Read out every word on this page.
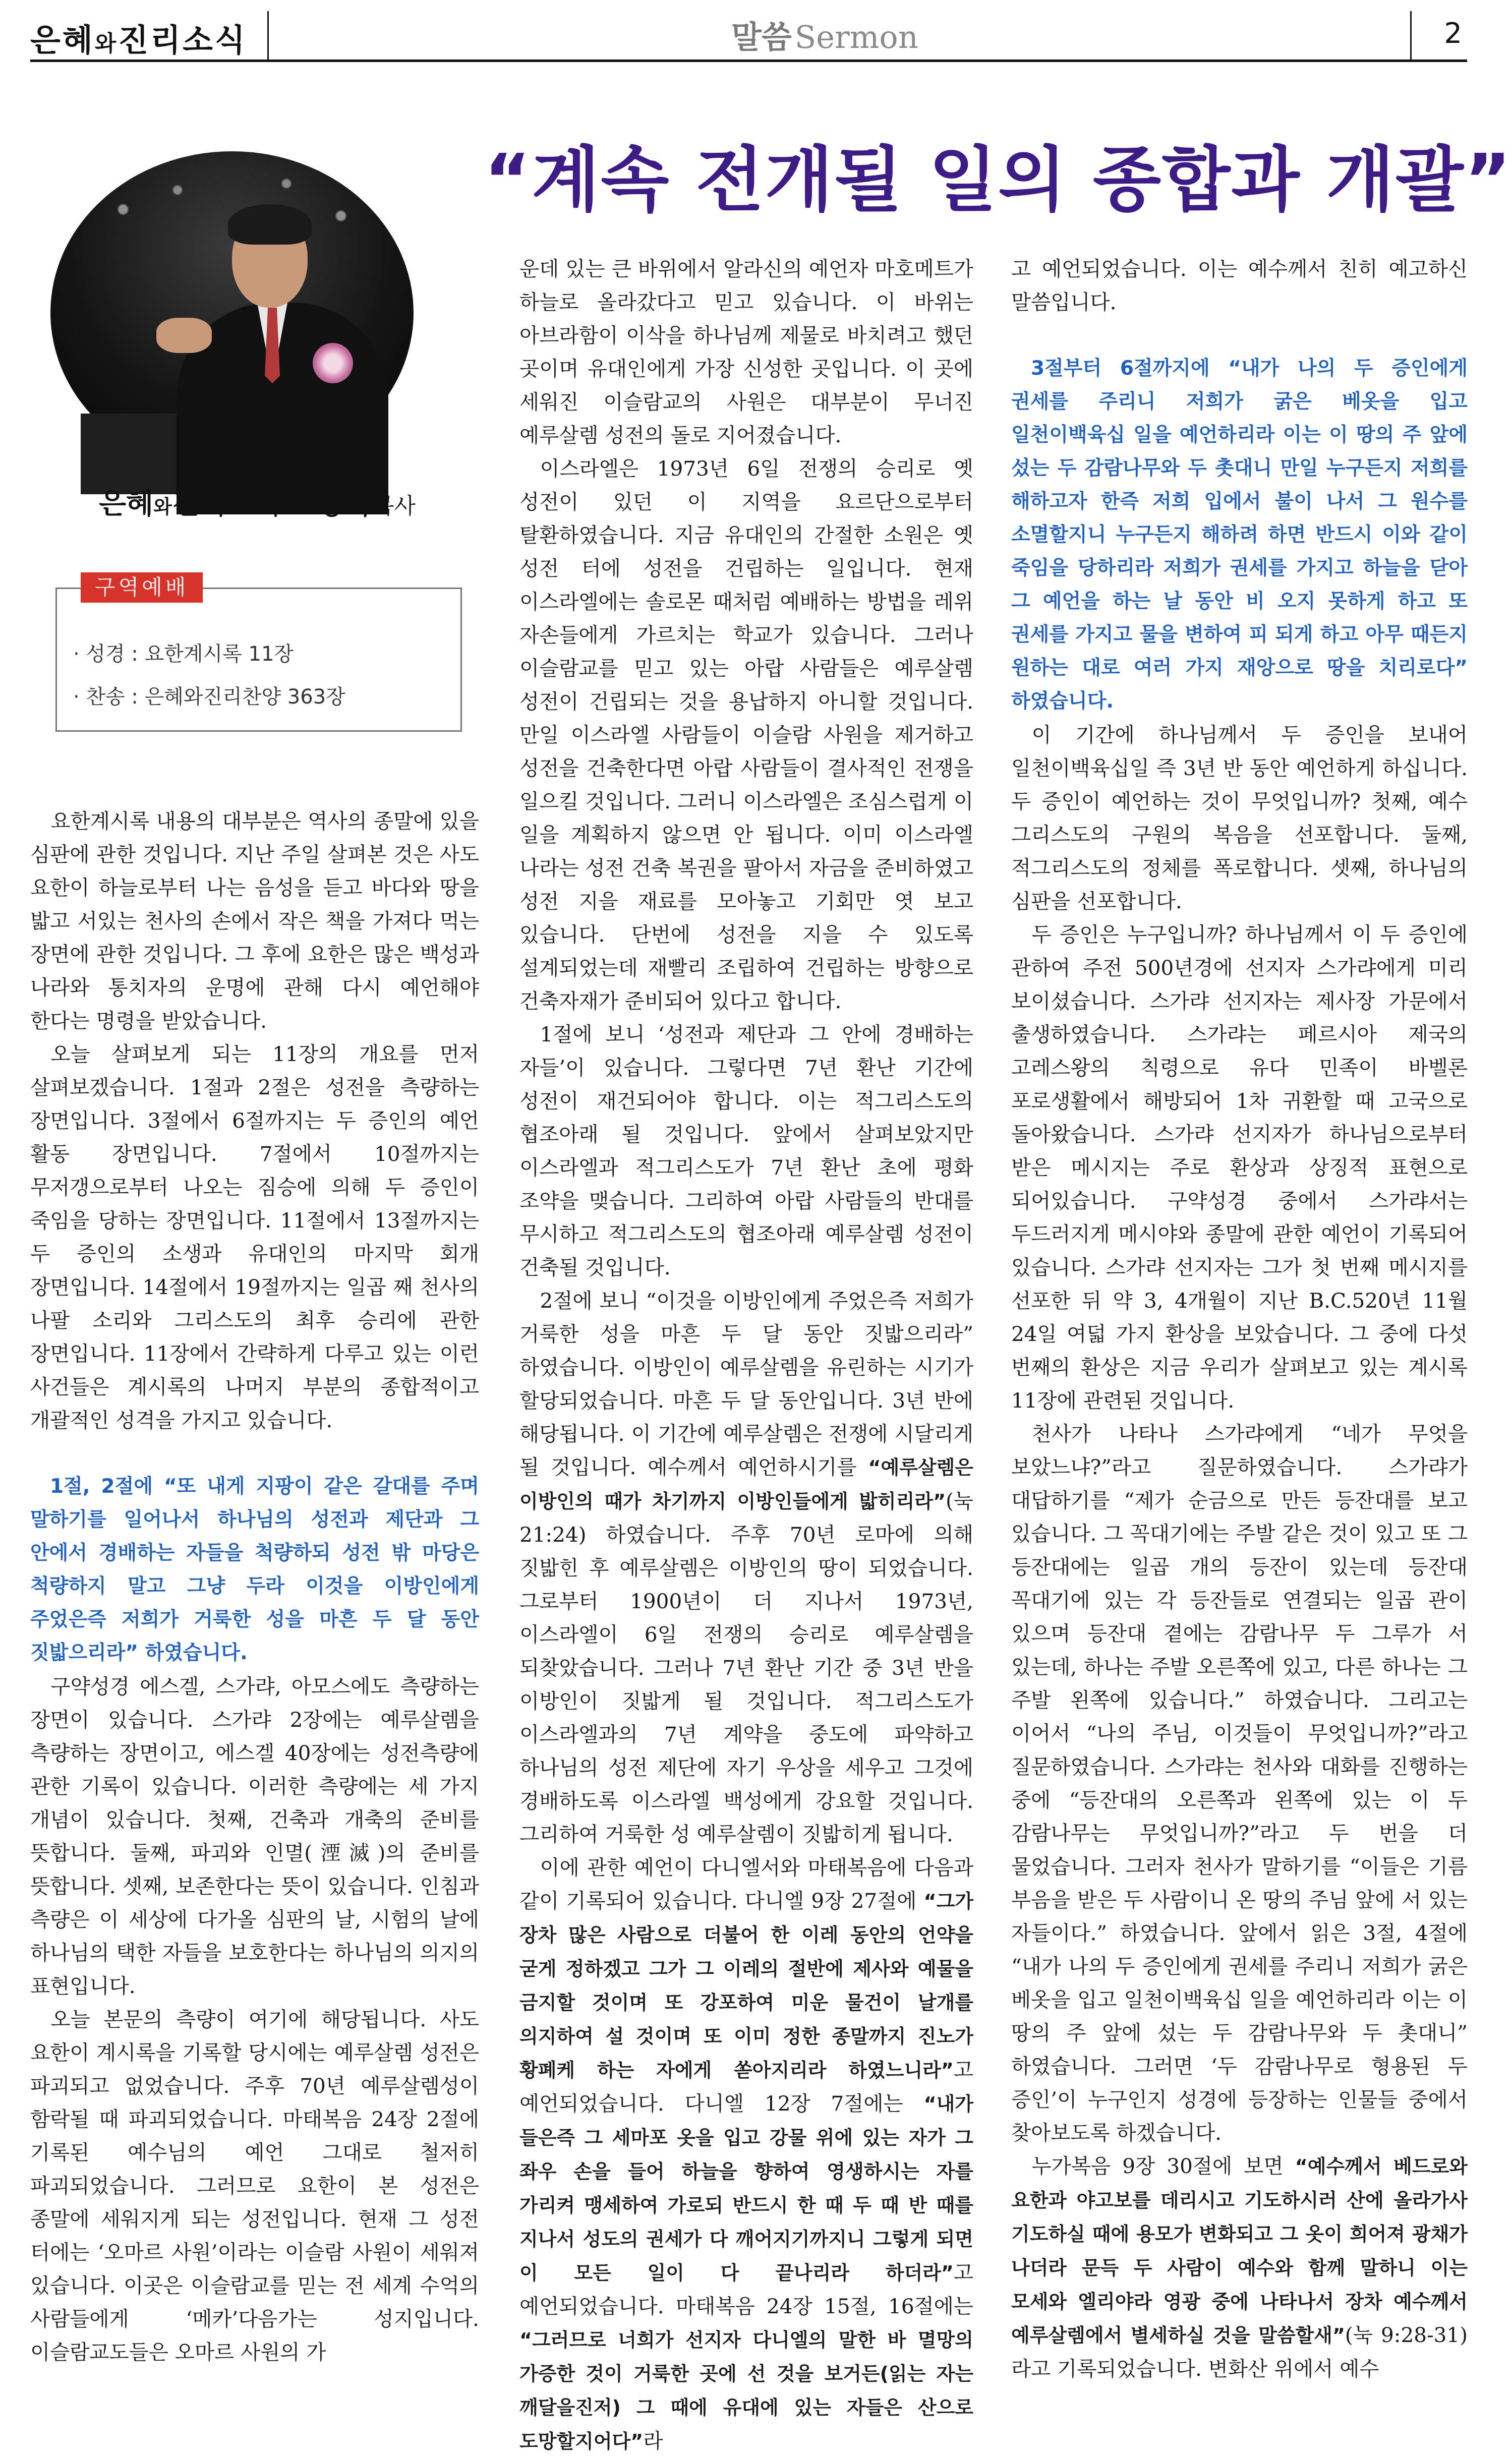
은혜와진리소식	말씀Sermon	2
“계속 전개될 일의 종합과 개괄”
은혜와진리교회 조용목목사
구역예배
· 성경 : 요한계시록 11장
· 찬송 : 은혜와진리찬양 363장

요한계시록 내용의 대부분은 역사의 종말에 있을 심판에 관한 것입니다. 지난 주일 살펴본 것은 사도 요한이 하늘로부터 나는 음성을 듣고 바다와 땅을 밟고 서있는 천사의 손에서 작은 책을 가져다 먹는 장면에 관한 것입니다. 그 후에 요한은 많은 백성과 나라와 통치자의 운명에 관해 다시 예언해야 한다는 명령을 받았습니다.

오늘 살펴보게 되는 11장의 개요를 먼저 살펴보겠습니다. 1절과 2절은 성전을 측량하는 장면입니다. 3절에서 6절까지는 두 증인의 예언 활동 장면입니다. 7절에서 10절까지는 무저갱으로부터 나오는 짐승에 의해 두 증인이 죽임을 당하는 장면입니다. 11절에서 13절까지는 두 증인의 소생과 유대인의 마지막 회개 장면입니다. 14절에서 19절까지는 일곱 째 천사의 나팔 소리와 그리스도의 최후 승리에 관한 장면입니다. 11장에서 간략하게 다루고 있는 이런 사건들은 계시록의 나머지 부분의 종합적이고 개괄적인 성격을 가지고 있습니다.

1절, 2절에 “또 내게 지팡이 같은 갈대를 주며 말하기를 일어나서 하나님의 성전과 제단과 그 안에서 경배하는 자들을 척량하되 성전 밖 마당은 척량하지 말고 그냥 두라 이것을 이방인에게 주었은즉 저희가 거룩한 성을 마흔 두 달 동안 짓밟으리라” 하였습니다.

구약성경 에스겔, 스가랴, 아모스에도 측량하는 장면이 있습니다. 스가랴 2장에는 예루살렘을 측량하는 장면이고, 에스겔 40장에는 성전측량에 관한 기록이 있습니다. 이러한 측량에는 세 가지 개념이 있습니다. 첫째, 건축과 개축의 준비를 뜻합니다. 둘째, 파괴와 인멸(湮滅)의 준비를 뜻합니다. 셋째, 보존한다는 뜻이 있습니다. 인침과 측량은 이 세상에 다가올 심판의 날, 시험의 날에 하나님의 택한 자들을 보호한다는 하나님의 의지의 표현입니다.

오늘 본문의 측량이 여기에 해당됩니다. 사도 요한이 계시록을 기록할 당시에는 예루살렘 성전은 파괴되고 없었습니다. 주후 70년 예루살렘성이 함락될 때 파괴되었습니다. 마태복음 24장 2절에 기록된 예수님의 예언 그대로 철저히 파괴되었습니다. 그러므로 요한이 본 성전은 종말에 세워지게 되는 성전입니다. 현재 그 성전 터에는 ‘오마르 사원’이라는 이슬람 사원이 세워져 있습니다. 이곳은 이슬람교를 믿는 전 세계 수억의 사람들에게 ‘메카’다음가는 성지입니다. 이슬람교도들은 오마르 사원의 가

운데 있는 큰 바위에서 알라신의 예언자 마호메트가 하늘로 올라갔다고 믿고 있습니다. 이 바위는 아브라함이 이삭을 하나님께 제물로 바치려고 했던 곳이며 유대인에게 가장 신성한 곳입니다. 이 곳에 세워진 이슬람교의 사원은 대부분이 무너진 예루살렘 성전의 돌로 지어졌습니다.

이스라엘은 1973년 6일 전쟁의 승리로 옛 성전이 있던 이 지역을 요르단으로부터 탈환하였습니다. 지금 유대인의 간절한 소원은 옛 성전 터에 성전을 건립하는 일입니다. 현재 이스라엘에는 솔로몬 때처럼 예배하는 방법을 레위 자손들에게 가르치는 학교가 있습니다. 그러나 이슬람교를 믿고 있는 아랍 사람들은 예루살렘 성전이 건립되는 것을 용납하지 아니할 것입니다. 만일 이스라엘 사람들이 이슬람 사원을 제거하고 성전을 건축한다면 아랍 사람들이 결사적인 전쟁을 일으킬 것입니다. 그러니 이스라엘은 조심스럽게 이 일을 계획하지 않으면 안 됩니다. 이미 이스라엘 나라는 성전 건축 복권을 팔아서 자금을 준비하였고 성전 지을 재료를 모아놓고 기회만 엿 보고 있습니다. 단번에 성전을 지을 수 있도록 설계되었는데 재빨리 조립하여 건립하는 방향으로 건축자재가 준비되어 있다고 합니다.

1절에 보니 ‘성전과 제단과 그 안에 경배하는 자들’이 있습니다. 그렇다면 7년 환난 기간에 성전이 재건되어야 합니다. 이는 적그리스도의 협조아래 될 것입니다. 앞에서 살펴보았지만 이스라엘과 적그리스도가 7년 환난 초에 평화 조약을 맺습니다. 그리하여 아랍 사람들의 반대를 무시하고 적그리스도의 협조아래 예루살렘 성전이 건축될 것입니다.

2절에 보니 “이것을 이방인에게 주었은즉 저희가 거룩한 성을 마흔 두 달 동안 짓밟으리라” 하였습니다. 이방인이 예루살렘을 유린하는 시기가 할당되었습니다. 마흔 두 달 동안입니다. 3년 반에 해당됩니다. 이 기간에 예루살렘은 전쟁에 시달리게 될 것입니다. 예수께서 예언하시기를 “예루살렘은 이방인의 때가 차기까지 이방인들에게 밟히리라”(눅 21:24) 하였습니다. 주후 70년 로마에 의해 짓밟힌 후 예루살렘은 이방인의 땅이 되었습니다. 그로부터 1900년이 더 지나서 1973년, 이스라엘이 6일 전쟁의 승리로 예루살렘을 되찾았습니다. 그러나 7년 환난 기간 중 3년 반을 이방인이 짓밟게 될 것입니다. 적그리스도가 이스라엘과의 7년 계약을 중도에 파약하고 하나님의 성전 제단에 자기 우상을 세우고 그것에 경배하도록 이스라엘 백성에게 강요할 것입니다. 그리하여 거룩한 성 예루살렘이 짓밟히게 됩니다.

이에 관한 예언이 다니엘서와 마태복음에 다음과 같이 기록되어 있습니다. 다니엘 9장 27절에 “그가 장차 많은 사람으로 더불어 한 이레 동안의 언약을 굳게 정하겠고 그가 그 이레의 절반에 제사와 예물을 금지할 것이며 또 강포하여 미운 물건이 날개를 의지하여 설 것이며 또 이미 정한 종말까지 진노가 황폐케 하는 자에게 쏟아지리라 하였느니라”고 예언되었습니다. 다니엘 12장 7절에는 “내가 들은즉 그 세마포 옷을 입고 강물 위에 있는 자가 그 좌우 손을 들어 하늘을 향하여 영생하시는 자를 가리켜 맹세하여 가로되 반드시 한 때 두 때 반 때를 지나서 성도의 권세가 다 깨어지기까지니 그렇게 되면 이 모든 일이 다 끝나리라 하더라”고 예언되었습니다. 마태복음 24장 15절, 16절에는 “그러므로 너희가 선지자 다니엘의 말한 바 멸망의 가증한 것이 거룩한 곳에 선 것을 보거든(읽는 자는 깨달을진저) 그 때에 유대에 있는 자들은 산으로 도망할지어다”라

고 예언되었습니다. 이는 예수께서 친히 예고하신 말씀입니다.

3절부터 6절까지에 “내가 나의 두 증인에게 권세를 주리니 저희가 굵은 베옷을 입고 일천이백육십 일을 예언하리라 이는 이 땅의 주 앞에 섰는 두 감람나무와 두 촛대니 만일 누구든지 저희를 해하고자 한즉 저희 입에서 불이 나서 그 원수를 소멸할지니 누구든지 해하려 하면 반드시 이와 같이 죽임을 당하리라 저희가 권세를 가지고 하늘을 닫아 그 예언을 하는 날 동안 비 오지 못하게 하고 또 권세를 가지고 물을 변하여 피 되게 하고 아무 때든지 원하는 대로 여러 가지 재앙으로 땅을 치리로다” 하였습니다.

이 기간에 하나님께서 두 증인을 보내어 일천이백육십일 즉 3년 반 동안 예언하게 하십니다. 두 증인이 예언하는 것이 무엇입니까? 첫째, 예수 그리스도의 구원의 복음을 선포합니다. 둘째, 적그리스도의 정체를 폭로합니다. 셋째, 하나님의 심판을 선포합니다.

두 증인은 누구입니까? 하나님께서 이 두 증인에 관하여 주전 500년경에 선지자 스가랴에게 미리 보이셨습니다. 스가랴 선지자는 제사장 가문에서 출생하였습니다. 스가랴는 페르시아 제국의 고레스왕의 칙령으로 유다 민족이 바벨론 포로생활에서 해방되어 1차 귀환할 때 고국으로 돌아왔습니다. 스가랴 선지자가 하나님으로부터 받은 메시지는 주로 환상과 상징적 표현으로 되어있습니다. 구약성경 중에서 스가랴서는 두드러지게 메시야와 종말에 관한 예언이 기록되어 있습니다. 스가랴 선지자는 그가 첫 번째 메시지를 선포한 뒤 약 3, 4개월이 지난 B.C.520년 11월 24일 여덟 가지 환상을 보았습니다. 그 중에 다섯 번째의 환상은 지금 우리가 살펴보고 있는 계시록 11장에 관련된 것입니다.

천사가 나타나 스가랴에게 “네가 무엇을 보았느냐?”라고 질문하였습니다. 스가랴가 대답하기를 “제가 순금으로 만든 등잔대를 보고 있습니다. 그 꼭대기에는 주발 같은 것이 있고 또 그 등잔대에는 일곱 개의 등잔이 있는데 등잔대 꼭대기에 있는 각 등잔들로 연결되는 일곱 관이 있으며 등잔대 곁에는 감람나무 두 그루가 서 있는데, 하나는 주발 오른쪽에 있고, 다른 하나는 그 주발 왼쪽에 있습니다.” 하였습니다. 그리고는 이어서 “나의 주님, 이것들이 무엇입니까?”라고 질문하였습니다. 스가랴는 천사와 대화를 진행하는 중에 “등잔대의 오른쪽과 왼쪽에 있는 이 두 감람나무는 무엇입니까?”라고 두 번을 더 물었습니다. 그러자 천사가 말하기를 “이들은 기름 부음을 받은 두 사람이니 온 땅의 주님 앞에 서 있는 자들이다.” 하였습니다. 앞에서 읽은 3절, 4절에 “내가 나의 두 증인에게 권세를 주리니 저희가 굵은 베옷을 입고 일천이백육십 일을 예언하리라 이는 이 땅의 주 앞에 섰는 두 감람나무와 두 촛대니” 하였습니다. 그러면 ‘두 감람나무로 형용된 두 증인’이 누구인지 성경에 등장하는 인물들 중에서 찾아보도록 하겠습니다.

누가복음 9장 30절에 보면 “예수께서 베드로와 요한과 야고보를 데리시고 기도하시러 산에 올라가사 기도하실 때에 용모가 변화되고 그 옷이 희어져 광채가 나더라 문득 두 사람이 예수와 함께 말하니 이는 모세와 엘리야라 영광 중에 나타나서 장차 예수께서 예루살렘에서 별세하실 것을 말씀할새”(눅 9:28-31)라고 기록되었습니다. 변화산 위에서 예수
